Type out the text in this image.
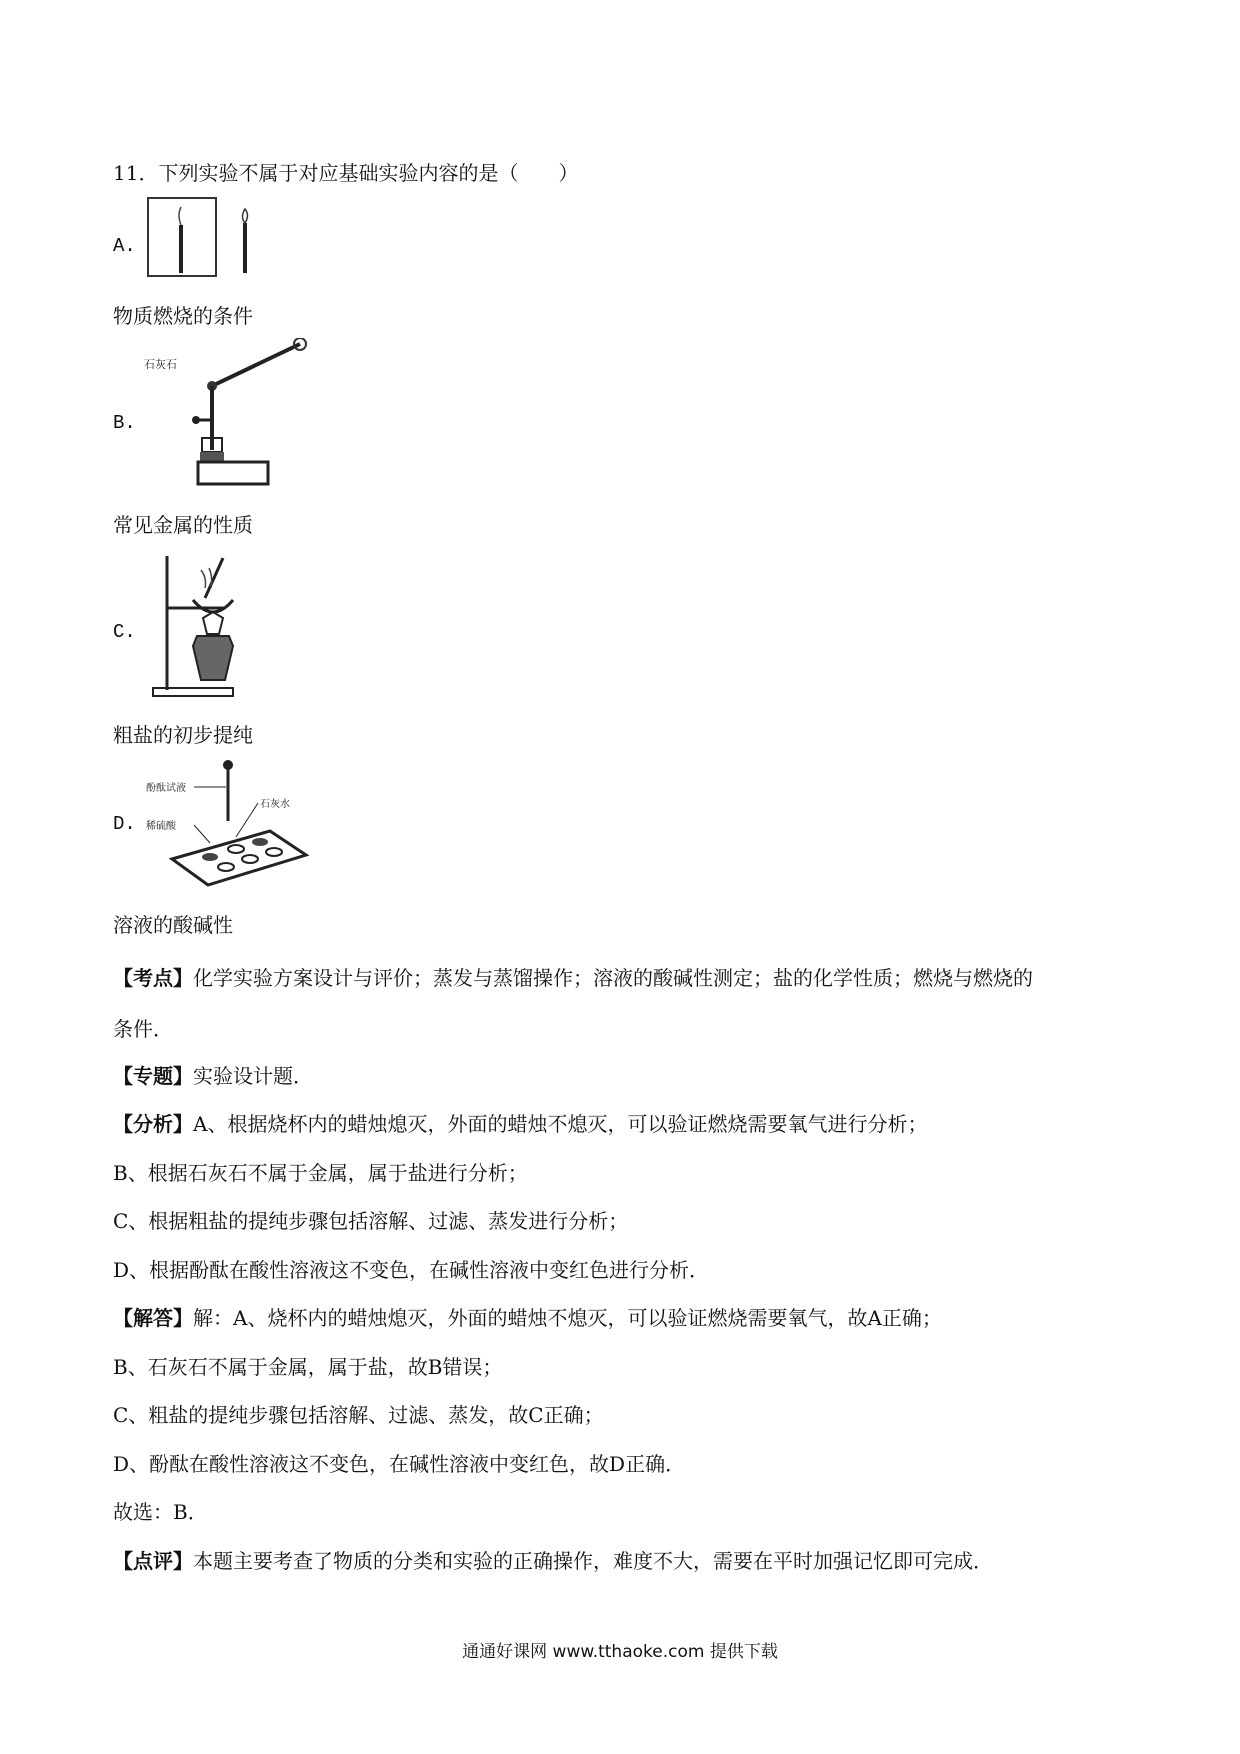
11．下列实验不属于对应基础实验内容的是（　　）
A.
物质燃烧的条件
B.
石灰石
常见金属的性质
C.
粗盐的初步提纯
D.
酚酞试液
稀硫酸
石灰水
溶液的酸碱性
【考点】化学实验方案设计与评价；蒸发与蒸馏操作；溶液的酸碱性测定；盐的化学性质；燃烧与燃烧的
条件．
【专题】实验设计题．
【分析】A、根据烧杯内的蜡烛熄灭，外面的蜡烛不熄灭，可以验证燃烧需要氧气进行分析；
B、根据石灰石不属于金属，属于盐进行分析；
C、根据粗盐的提纯步骤包括溶解、过滤、蒸发进行分析；
D、根据酚酞在酸性溶液这不变色，在碱性溶液中变红色进行分析．
【解答】解：A、烧杯内的蜡烛熄灭，外面的蜡烛不熄灭，可以验证燃烧需要氧气，故A正确；
B、石灰石不属于金属，属于盐，故B错误；
C、粗盐的提纯步骤包括溶解、过滤、蒸发，故C正确；
D、酚酞在酸性溶液这不变色，在碱性溶液中变红色，故D正确．
故选：B．
【点评】本题主要考查了物质的分类和实验的正确操作，难度不大，需要在平时加强记忆即可完成．
通通好课网 www.tthaoke.com 提供下载
